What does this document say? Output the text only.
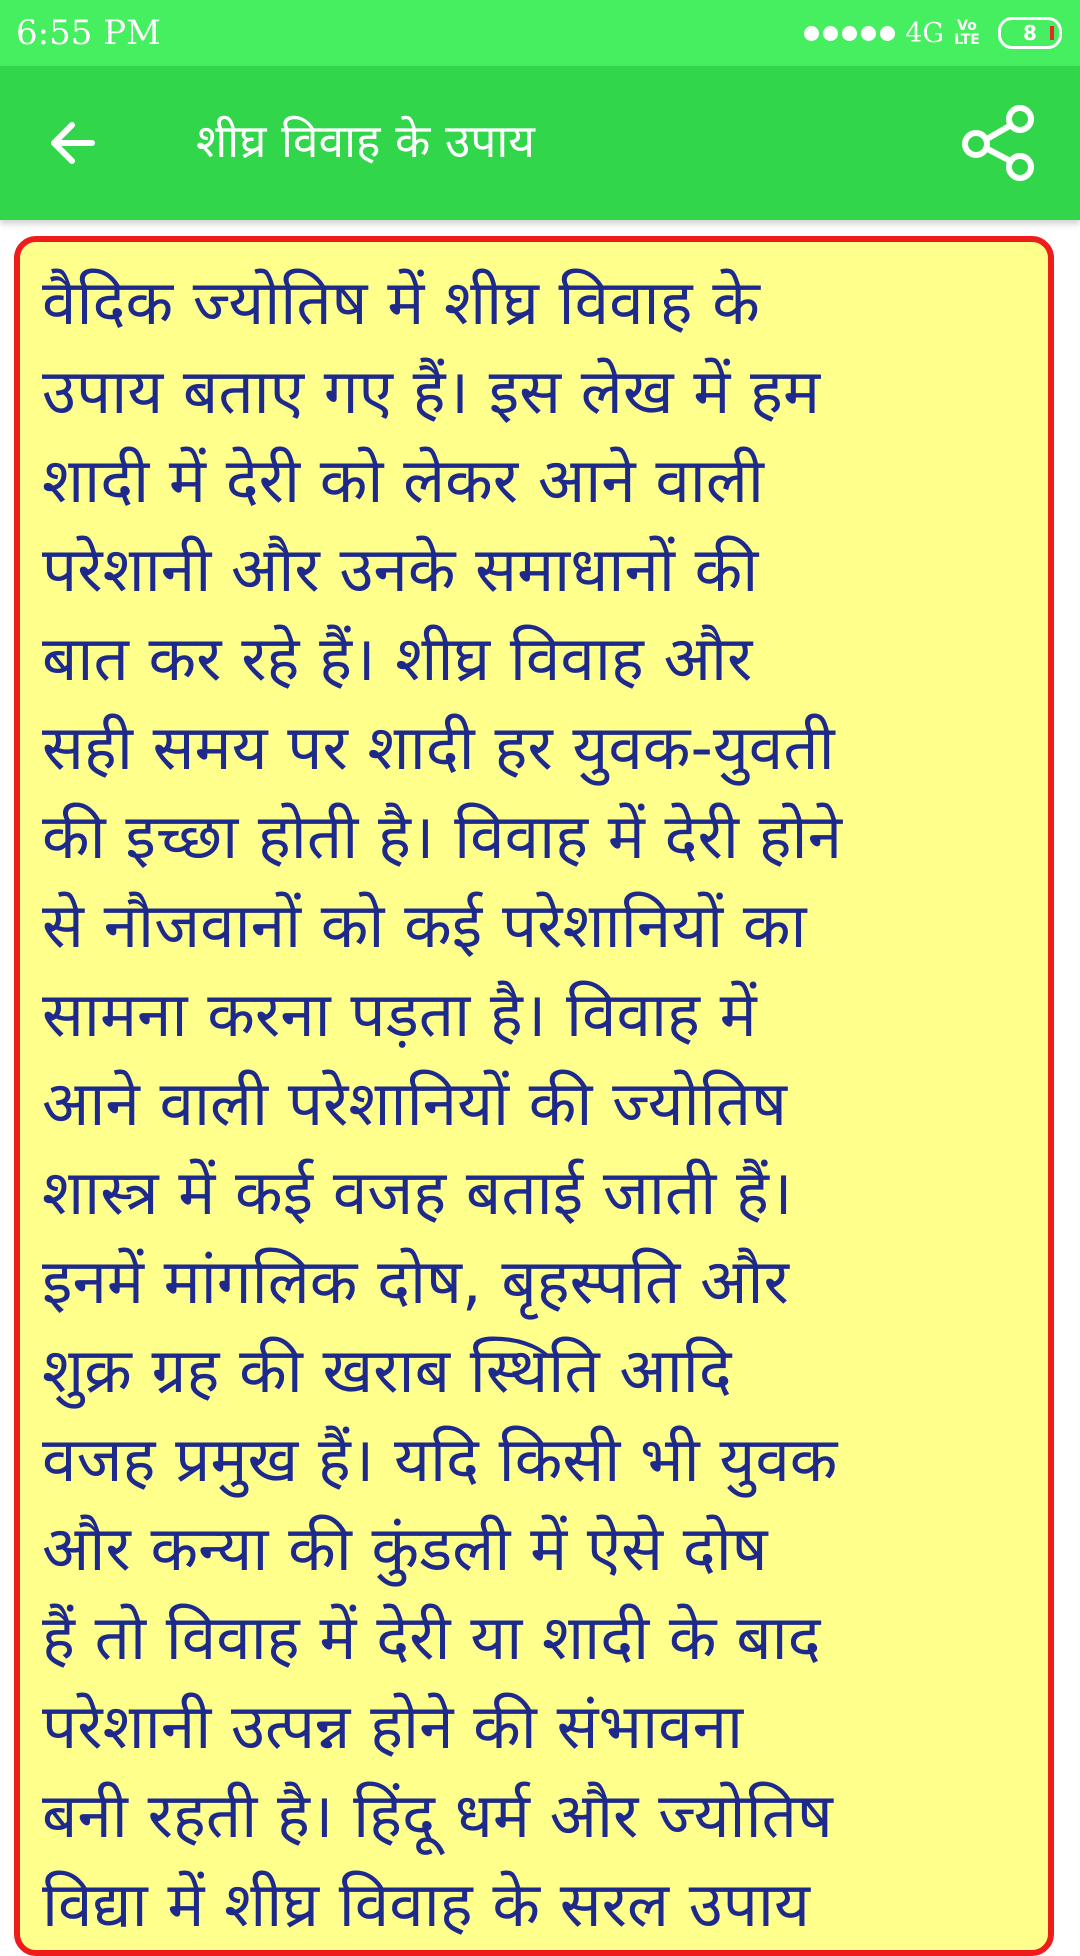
6:55 PM	4G Vo LTE 8
शीघ्र विवाह के उपाय

वैदिक ज्योतिष में शीघ्र विवाह के
उपाय बताए गए हैं। इस लेख में हम
शादी में देरी को लेकर आने वाली
परेशानी और उनके समाधानों की
बात कर रहे हैं। शीघ्र विवाह और
सही समय पर शादी हर युवक-युवती
की इच्छा होती है। विवाह में देरी होने
से नौजवानों को कई परेशानियों का
सामना करना पड़ता है। विवाह में
आने वाली परेशानियों की ज्योतिष
शास्त्र में कई वजह बताई जाती हैं।
इनमें मांगलिक दोष, बृहस्पति और
शुक्र ग्रह की खराब स्थिति आदि
वजह प्रमुख हैं। यदि किसी भी युवक
और कन्या की कुंडली में ऐसे दोष
हैं तो विवाह में देरी या शादी के बाद
परेशानी उत्पन्न होने की संभावना
बनी रहती है। हिंदू धर्म और ज्योतिष
विद्या में शीघ्र विवाह के सरल उपाय
